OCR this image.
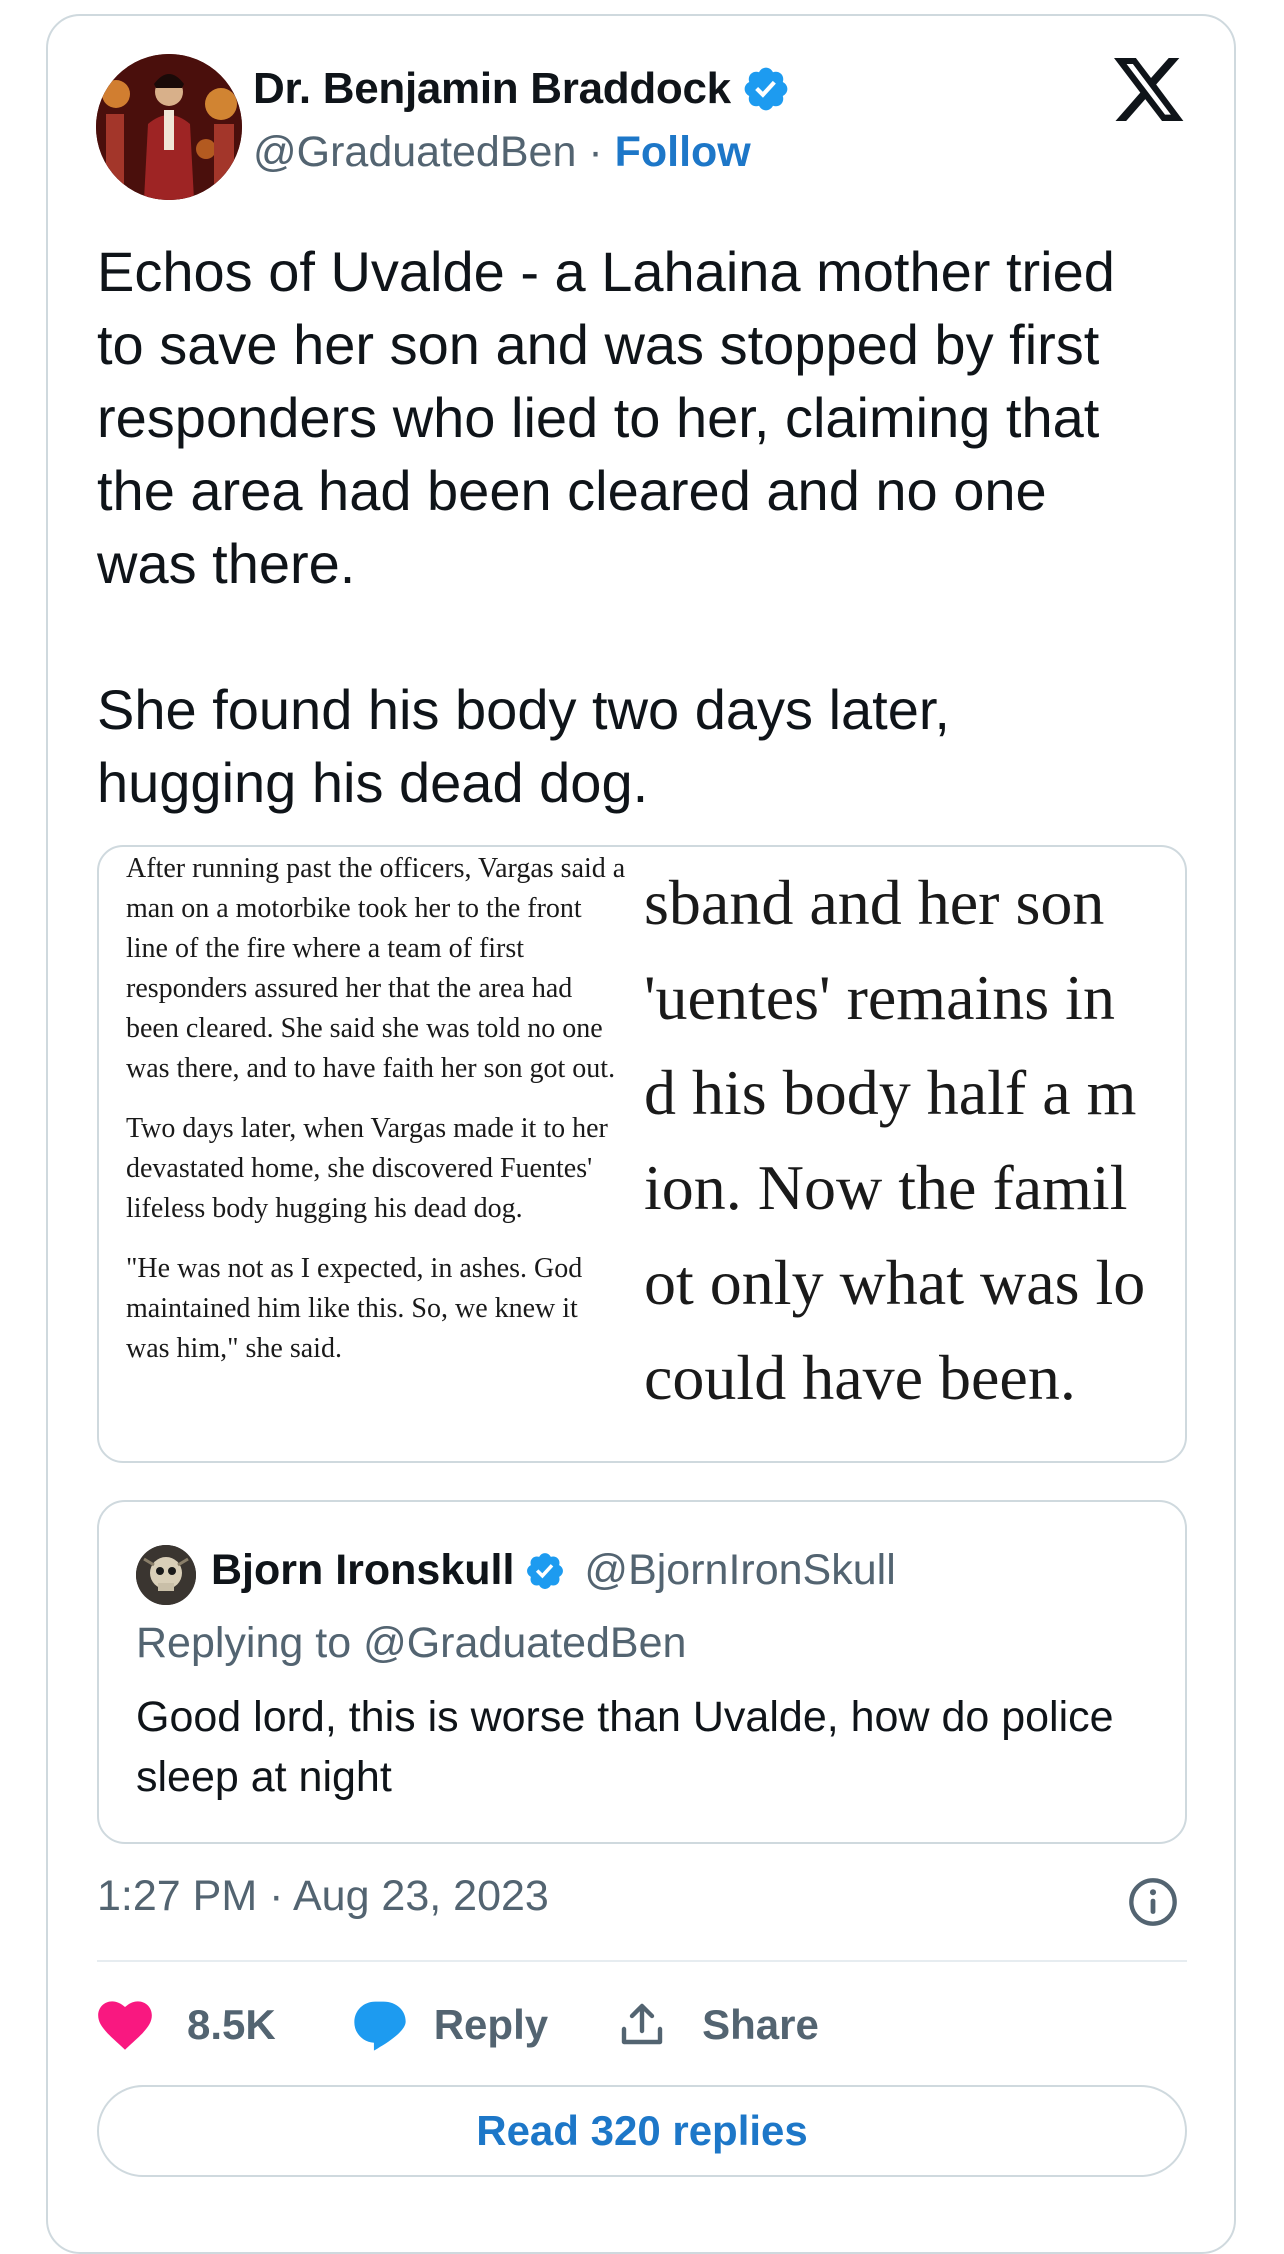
Dr. Benjamin Braddock
@GraduatedBen · Follow

Echos of Uvalde - a Lahaina mother tried
to save her son and was stopped by first
responders who lied to her, claiming that
the area had been cleared and no one
was there.

She found his body two days later,
hugging his dead dog.

After running past the officers, Vargas said a man on a motorbike took her to the front line of the fire where a team of first responders assured her that the area had been cleared. She said she was told no one was there, and to have faith her son got out.

Two days later, when Vargas made it to her devastated home, she discovered Fuentes' lifeless body hugging his dead dog.

"He was not as I expected, in ashes. God maintained him like this. So, we knew it was him," she said.

sband and her son
'uentes' remains in
d his body half a m
ion. Now the famil
ot only what was lo
could have been.
Bjorn Ironskull @BjornIronSkull
Replying to @GraduatedBen
Good lord, this is worse than Uvalde, how do police sleep at night
1:27 PM · Aug 23, 2023
8.5K	Reply	Share
Read 320 replies
